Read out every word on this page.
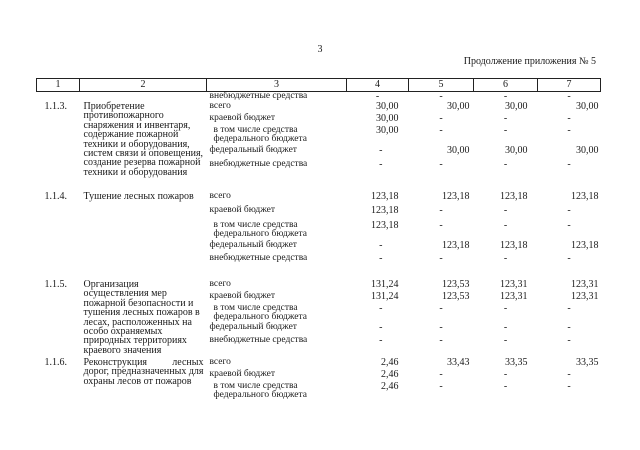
3
Продолжение приложения № 5
1	2	3	4	5	6	7
		внебюджетные средства	-	-	-	-
1.1.3.	Приобретение противопожарного снаряжения и инвентаря, содержание пожарной техники и оборудования, систем связи и оповещения, создание резерва пожарной техники и оборудования	всего	30,00	30,00	30,00	30,00
		краевой бюджет	30,00	-	-	-
		в том числе средства федерального бюджета	30,00	-	-	-
		федеральный бюджет	-	30,00	30,00	30,00
		внебюджетные средства	-	-	-	-
1.1.4.	Тушение лесных пожаров	всего	123,18	123,18	123,18	123,18
		краевой бюджет	123,18	-	-	-
		в том числе средства федерального бюджета	123,18	-	-	-
		федеральный бюджет	-	123,18	123,18	123,18
		внебюджетные средства	-	-	-	-
1.1.5.	Организация осуществления мер пожарной безопасности и тушения лесных пожаров в лесах, расположенных на особо охраняемых природных территориях краевого значения	всего	131,24	123,53	123,31	123,31
		краевой бюджет	131,24	123,53	123,31	123,31
		в том числе средства федерального бюджета	-	-	-	-
		федеральный бюджет	-	-	-	-
		внебюджетные средства	-	-	-	-
1.1.6.	Реконструкция лесных дорог, предназначенных для охраны лесов от пожаров	всего	2,46	33,43	33,35	33,35
		краевой бюджет	2,46	-	-	-
		в том числе средства федерального бюджета	2,46	-	-	-
